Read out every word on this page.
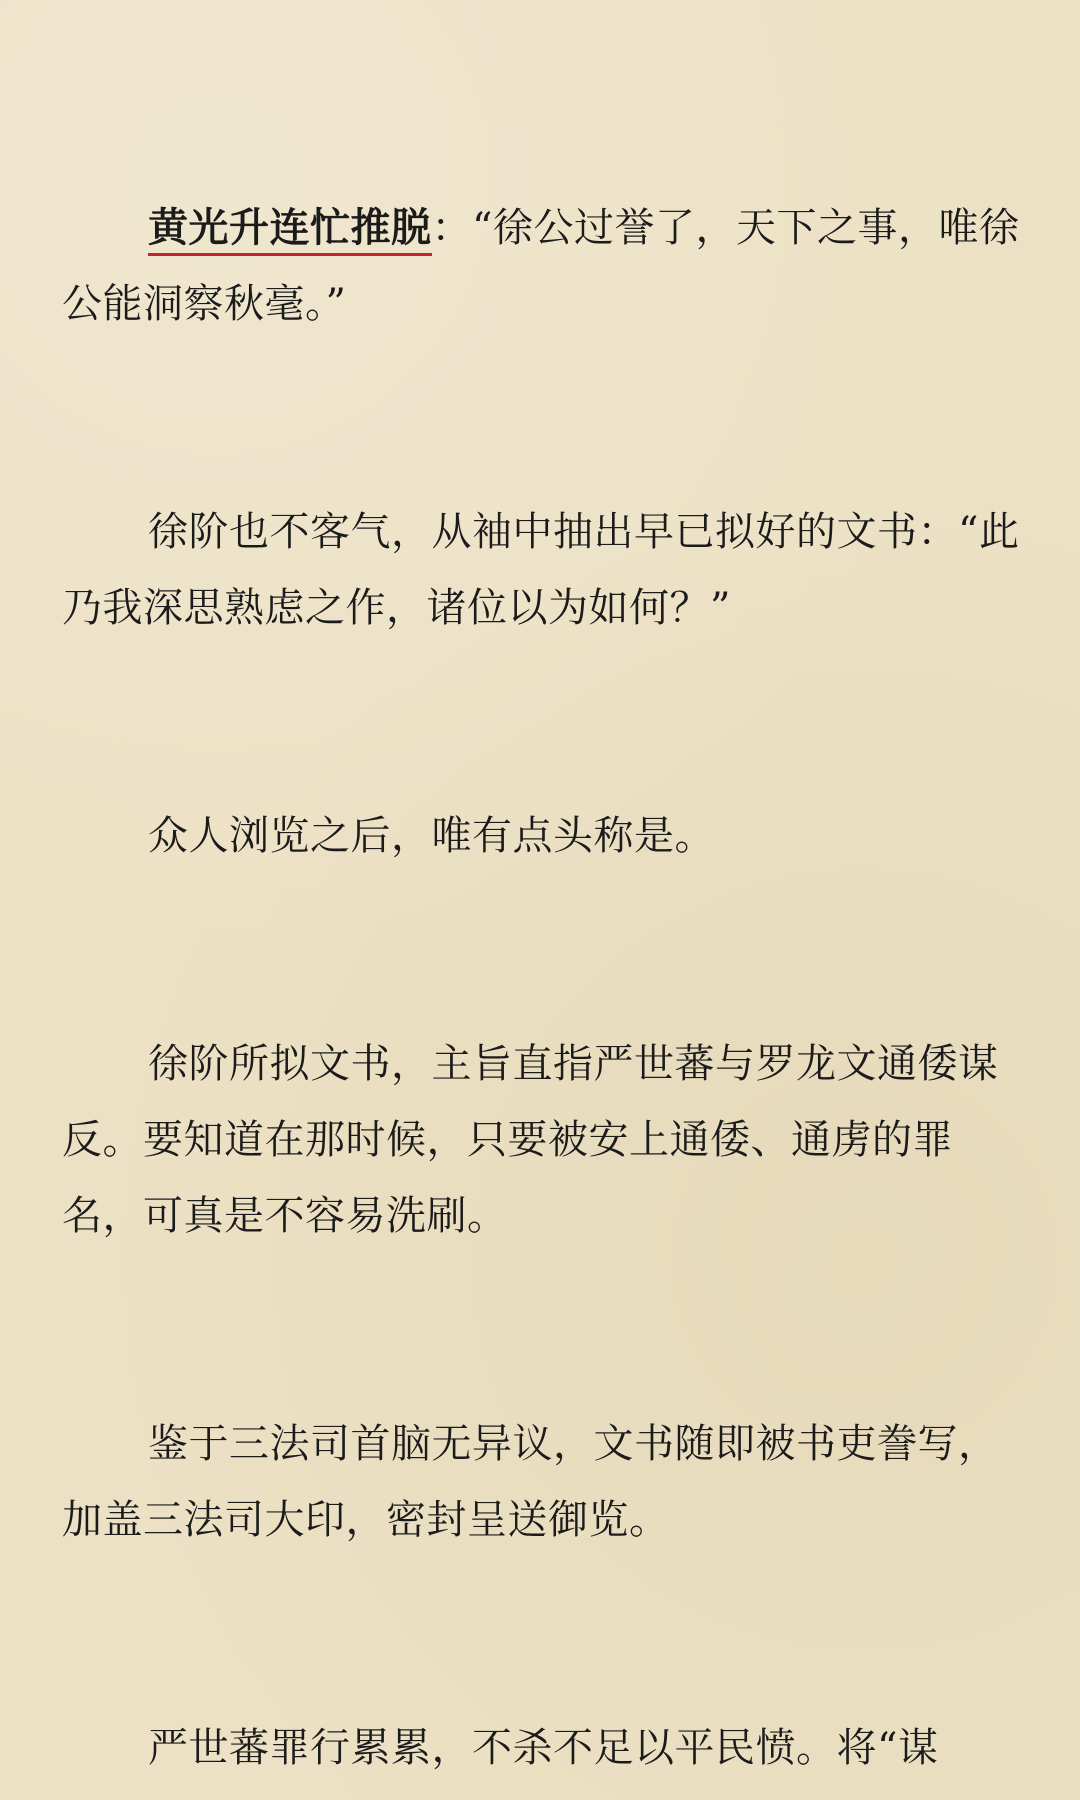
黄光升连忙推脱：“徐公过誉了，天下之事，唯徐公能洞察秋毫。”

徐阶也不客气，从袖中抽出早已拟好的文书：“此乃我深思熟虑之作，诸位以为如何？”

众人浏览之后，唯有点头称是。

徐阶所拟文书，主旨直指严世蕃与罗龙文通倭谋反。要知道在那时候，只要被安上通倭、通虏的罪名，可真是不容易洗刷。

鉴于三法司首脑无异议，文书随即被书吏誊写，加盖三法司大印，密封呈送御览。

严世蕃罪行累累，不杀不足以平民愤。将“谋
